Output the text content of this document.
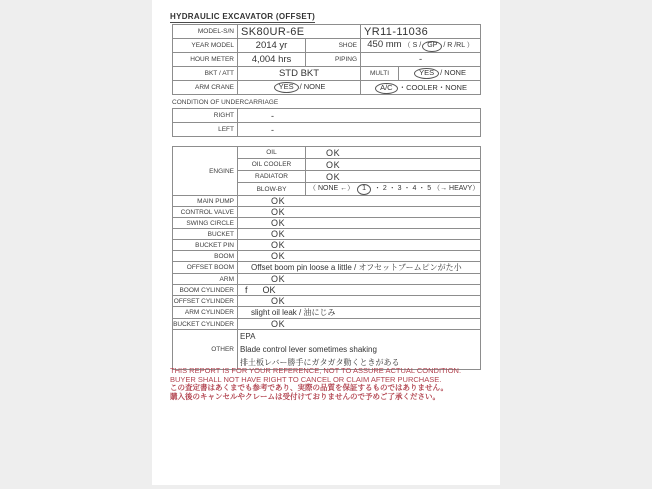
HYDRAULIC EXCAVATOR (OFFSET)
MODEL-S/N	SK80UR-6E		YR11-11036	
YEAR MODEL	2014 yr	SHOE	450 mm （ S / GP / R /RL ）	
HOUR METER	4,004 hrs	PIPING	-	
BKT / ATT	STD BKT		MULTI	YES / NONE
ARM CRANE	YES / NONE		A/C ・COOLER・NONE	
CONDITION OF UNDERCARRIAGE
RIGHT	-
LEFT	-
ENGINE	OIL	OK
	OIL COOLER	OK
	RADIATOR	OK
	BLOW-BY	（ NONE ←） 1 ・ 2 ・ 3 ・ 4 ・ 5 （→ HEAVY）
MAIN PUMP	OK	
CONTROL VALVE	OK	
SWING CIRCLE	OK	
BUCKET	OK	
BUCKET PIN	OK	
BOOM	OK	
OFFSET BOOM	Offset boom pin loose a little / オフセットブームピンがた小	
ARM	OK	
BOOM CYLINDER	f      OK	
OFFSET CYLINDER	OK	
ARM CYLINDER	slight oil leak / 油にじみ	
BUCKET CYLINDER	OK	
OTHER	EPA
Blade control lever sometimes shaking
排土板レバー勝手にガタガタ動くときがある	
THIS REPORT IS FOR YOUR REFERENCE, NOT TO ASSURE ACTUAL CONDITION.
BUYER SHALL NOT HAVE RIGHT TO CANCEL OR CLAIM AFTER PURCHASE.
この査定書はあくまでも参考であり、実際の品質を保証するものではありません。
購入後のキャンセルやクレームは受付けておりませんので予めご了承ください。
